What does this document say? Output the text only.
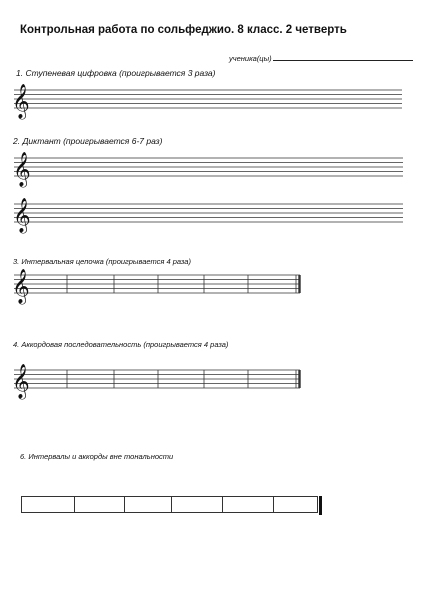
Контрольная работа по сольфеджио. 8 класс. 2 четверть
ученика(цы)
1. Ступеневая цифровка (проигрывается 3 раза)
𝄞
2. Диктант (проигрывается 6-7 раз)
𝄞
𝄞
3. Интервальная цепочка (проигрывается 4 раза)
𝄞
4. Аккордовая последовательность (проигрывается 4 раза)
𝄞
6. Интервалы и аккорды вне тональности
